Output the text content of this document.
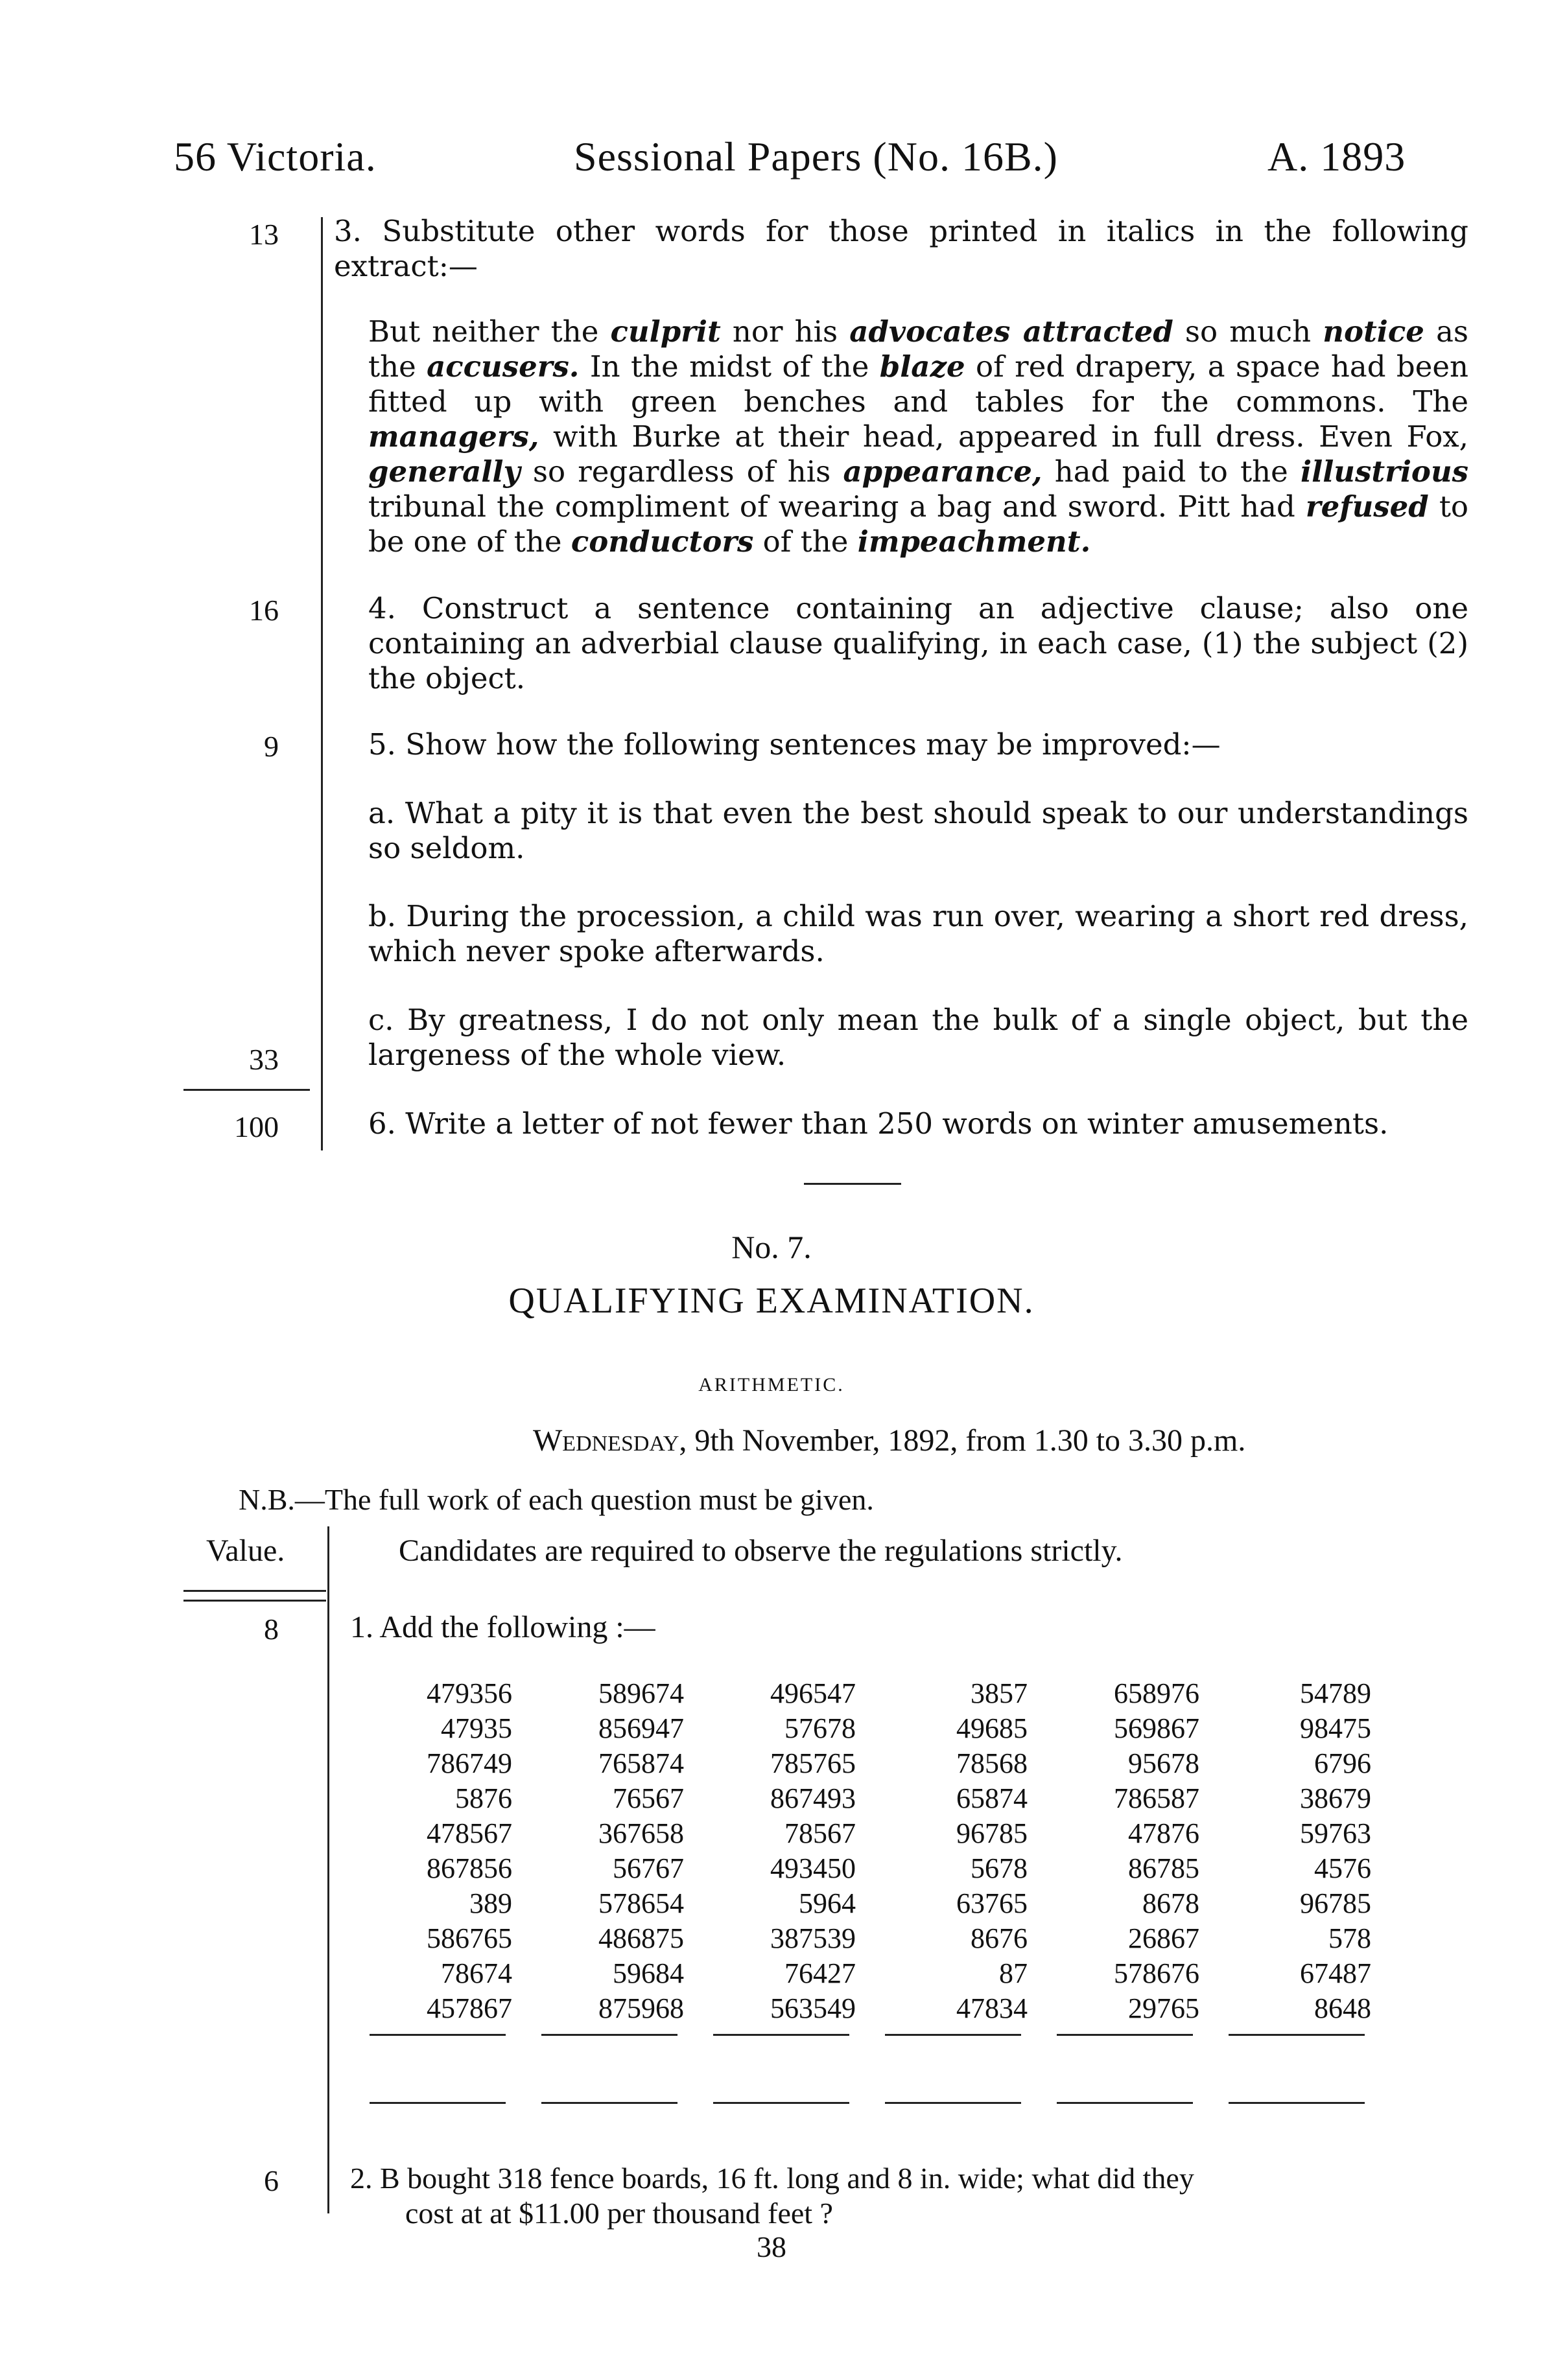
56 Victoria.	Sessional Papers (No. 16B.)	A. 1893
13
16
9
33
100
3. Substitute other words for those printed in italics in the following extract:—
But neither the culprit nor his advocates attracted so much notice as the accusers. In the midst of the blaze of red drapery, a space had been fitted up with green benches and tables for the commons. The managers, with Burke at their head, appeared in full dress. Even Fox, generally so regardless of his appearance, had paid to the illustrious tribunal the compliment of wearing a bag and sword. Pitt had refused to be one of the conductors of the impeachment.
4. Construct a sentence containing an adjective clause; also one containing an adverbial clause qualifying, in each case, (1) the subject (2) the object.
5. Show how the following sentences may be improved:—
a. What a pity it is that even the best should speak to our understandings so seldom.
b. During the procession, a child was run over, wearing a short red dress, which never spoke afterwards.
c. By greatness, I do not only mean the bulk of a single object, but the largeness of the whole view.
6. Write a letter of not fewer than 250 words on winter amusements.
No. 7.
QUALIFYING EXAMINATION.
ARITHMETIC.
Wednesday, 9th November, 1892, from 1.30 to 3.30 p.m.
N.B.—The full work of each question must be given.
Value.	Candidates are required to observe the regulations strictly.
8 1. Add the following :—
479356	589674	496547	3857	658976	54789
47935	856947	57678	49685	569867	98475
786749	765874	785765	78568	95678	6796
5876	76567	867493	65874	786587	38679
478567	367658	78567	96785	47876	59763
867856	56767	493450	5678	86785	4576
389	578654	5964	63765	8678	96785
586765	486875	387539	8676	26867	578
78674	59684	76427	87	578676	67487
457867	875968	563549	47834	29765	8648
6 2. B bought 318 fence boards, 16 ft. long and 8 in. wide; what did they
cost at at $11.00 per thousand feet ?
38
